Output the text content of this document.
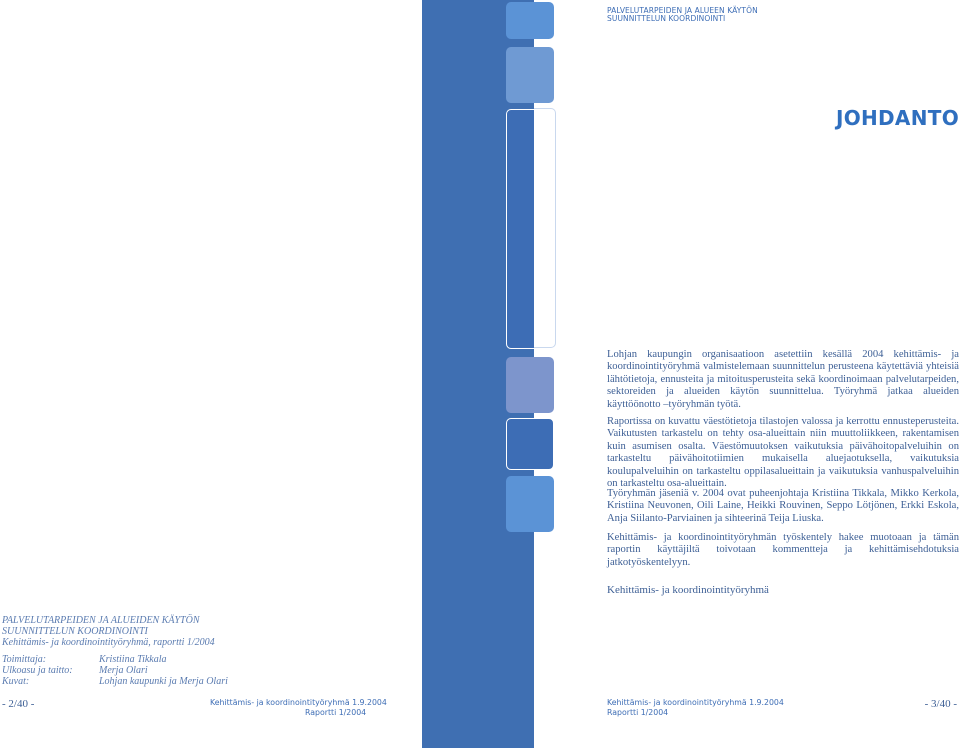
PALVELUTARPEIDEN JA ALUEEN KÄYTÖN
SUUNNITTELUN KOORDINOINTI
JOHDANTO

Lohjan kaupungin organisaatioon asetettiin kesällä 2004 kehittämis- ja koordinointityöryhmä valmistelemaan suunnittelun perusteena käytettäviä yhteisiä lähtötietoja, ennusteita ja mitoitusperusteita sekä koordinoimaan palvelutarpeiden, sektoreiden ja alueiden käytön suunnittelua. Työryhmä jatkaa alueiden käyttöönotto –työryhmän työtä.

Raportissa on kuvattu väestötietoja tilastojen valossa ja kerrottu ennusteperusteita. Vaikutusten tarkastelu on tehty osa-alueittain niin muuttoliikkeen, rakentamisen kuin asumisen osalta. Väestömuutoksen vaikutuksia päivähoitopalveluihin on tarkasteltu päivähoitotiimien mukaisella aluejaotuksella, vaikutuksia koulupalveluihin on tarkasteltu oppilasalueittain ja vaikutuksia vanhuspalveluihin on tarkasteltu osa-alueittain.

Työryhmän jäseniä v. 2004 ovat puheenjohtaja Kristiina Tikkala, Mikko Kerkola, Kristiina Neuvonen, Oili Laine, Heikki Rouvinen, Seppo Lötjönen, Erkki Eskola, Anja Siilanto-Parviainen ja sihteerinä Teija Liuska.

Kehittämis- ja koordinointityöryhmän työskentely hakee muotoaan ja tämän raportin käyttäjiltä toivotaan kommentteja ja kehittämisehdotuksia jatkotyöskentelyyn.

Kehittämis- ja koordinointityöryhmä
PALVELUTARPEIDEN JA ALUEIDEN KÄYTÖN
SUUNNITTELUN KOORDINOINTI
Kehittämis- ja koordinointityöryhmä, raportti 1/2004
Toimittaja:	Kristiina Tikkala
Ulkoasu ja taitto:	Merja Olari
Kuvat:	Lohjan kaupunki ja Merja Olari
- 2/40 -	Kehittämis- ja koordinointityöryhmä 1.9.2004
Raportti 1/2004
Kehittämis- ja koordinointityöryhmä 1.9.2004
Raportti 1/2004
- 3/40 -
